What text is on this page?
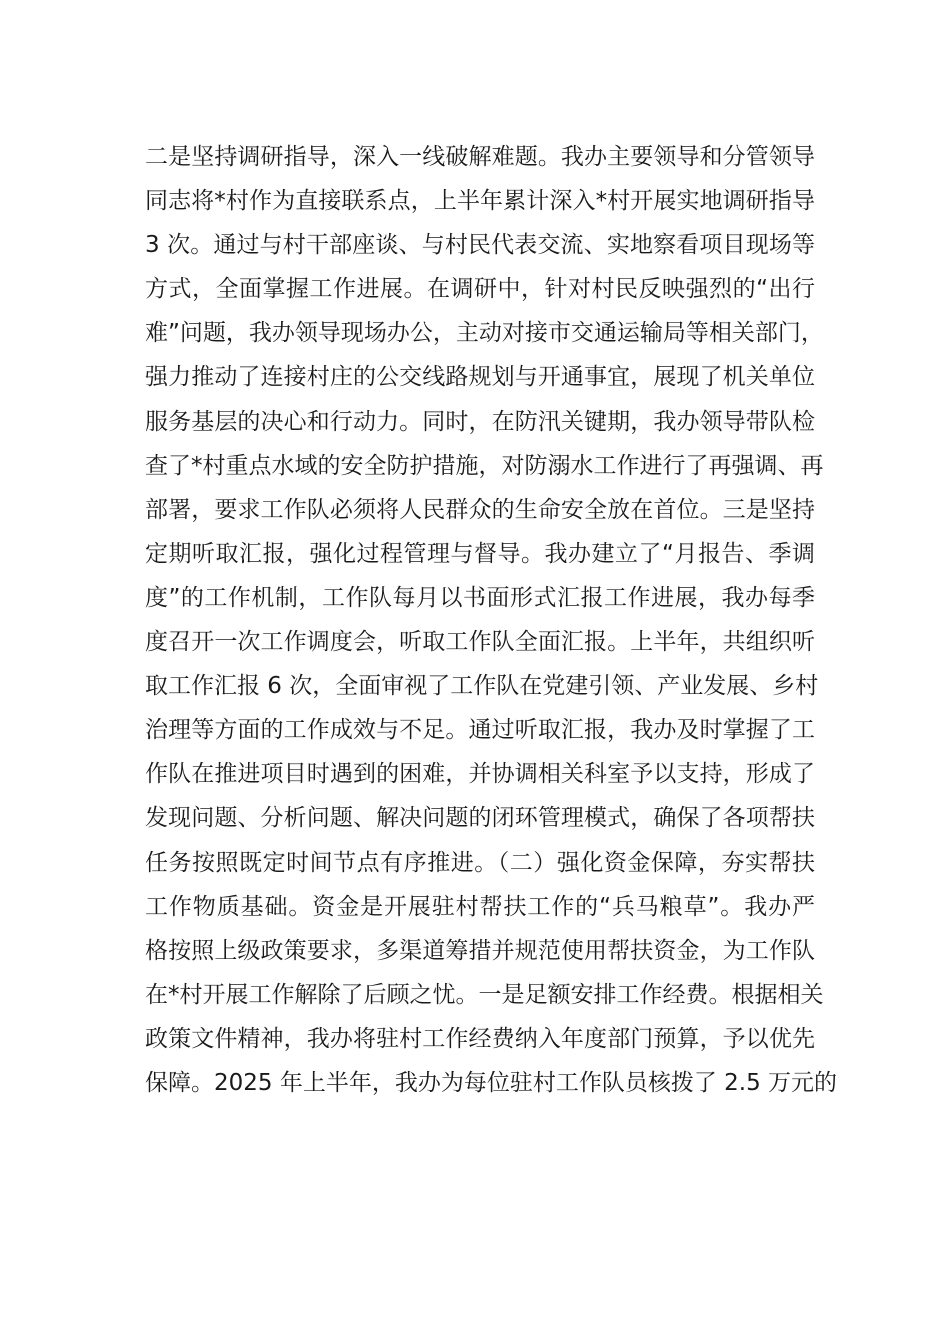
二是坚持调研指导，深入一线破解难题。我办主要领导和分管领导
同志将*村作为直接联系点，上半年累计深入*村开展实地调研指导
3 次。通过与村干部座谈、与村民代表交流、实地察看项目现场等
方式，全面掌握工作进展。在调研中，针对村民反映强烈的“出行
难”问题，我办领导现场办公，主动对接市交通运输局等相关部门，
强力推动了连接村庄的公交线路规划与开通事宜，展现了机关单位
服务基层的决心和行动力。同时，在防汛关键期，我办领导带队检
查了*村重点水域的安全防护措施，对防溺水工作进行了再强调、再
部署，要求工作队必须将人民群众的生命安全放在首位。三是坚持
定期听取汇报，强化过程管理与督导。我办建立了“月报告、季调
度”的工作机制，工作队每月以书面形式汇报工作进展，我办每季
度召开一次工作调度会，听取工作队全面汇报。上半年，共组织听
取工作汇报 6 次，全面审视了工作队在党建引领、产业发展、乡村
治理等方面的工作成效与不足。通过听取汇报，我办及时掌握了工
作队在推进项目时遇到的困难，并协调相关科室予以支持，形成了
发现问题、分析问题、解决问题的闭环管理模式，确保了各项帮扶
任务按照既定时间节点有序推进。（二）强化资金保障，夯实帮扶
工作物质基础。资金是开展驻村帮扶工作的“兵马粮草”。我办严
格按照上级政策要求，多渠道筹措并规范使用帮扶资金，为工作队
在*村开展工作解除了后顾之忧。一是足额安排工作经费。根据相关
政策文件精神，我办将驻村工作经费纳入年度部门预算，予以优先
保障。2025 年上半年，我办为每位驻村工作队员核拨了 2.5 万元的
